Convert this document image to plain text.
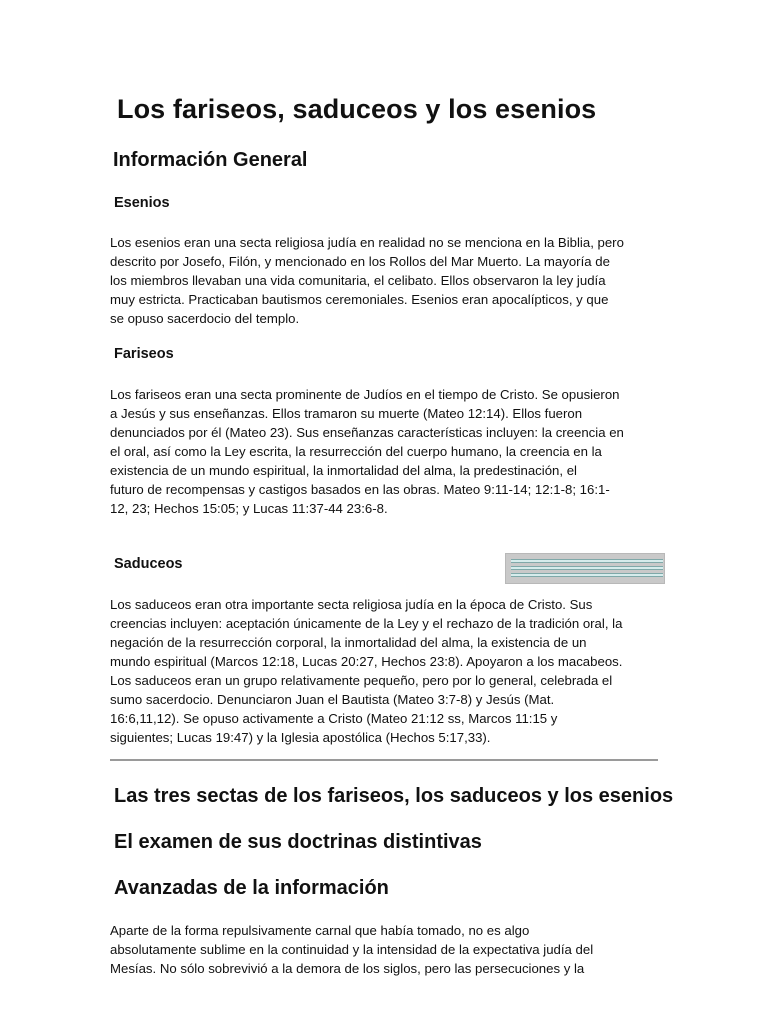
Los fariseos, saduceos y los esenios
Información General
Esenios
Los esenios eran una secta religiosa judía en realidad no se menciona en la Biblia, pero
descrito por Josefo, Filón, y mencionado en los Rollos del Mar Muerto. La mayoría de
los miembros llevaban una vida comunitaria, el celibato. Ellos observaron la ley judía
muy estricta. Practicaban bautismos ceremoniales. Esenios eran apocalípticos, y que
se opuso sacerdocio del templo.
Fariseos
Los fariseos eran una secta prominente de Judíos en el tiempo de Cristo. Se opusieron
a Jesús y sus enseñanzas. Ellos tramaron su muerte (Mateo 12:14). Ellos fueron
denunciados por él (Mateo 23). Sus enseñanzas características incluyen: la creencia en
el oral, así como la Ley escrita, la resurrección del cuerpo humano, la creencia en la
existencia de un mundo espiritual, la inmortalidad del alma, la predestinación, el
futuro de recompensas y castigos basados en las obras. Mateo 9:11-14; 12:1-8; 16:1-
12, 23; Hechos 15:05; y Lucas 11:37-44 23:6-8.
Saduceos
Los saduceos eran otra importante secta religiosa judía en la época de Cristo. Sus
creencias incluyen: aceptación únicamente de la Ley y el rechazo de la tradición oral, la
negación de la resurrección corporal, la inmortalidad del alma, la existencia de un
mundo espiritual (Marcos 12:18, Lucas 20:27, Hechos 23:8). Apoyaron a los macabeos.
Los saduceos eran un grupo relativamente pequeño, pero por lo general, celebrada el
sumo sacerdocio. Denunciaron Juan el Bautista (Mateo 3:7-8) y Jesús (Mat.
16:6,11,12). Se opuso activamente a Cristo (Mateo 21:12 ss, Marcos 11:15 y
siguientes; Lucas 19:47) y la Iglesia apostólica (Hechos 5:17,33).
Las tres sectas de los fariseos, los saduceos y los esenios
El examen de sus doctrinas distintivas
Avanzadas de la información
Aparte de la forma repulsivamente carnal que había tomado, no es algo
absolutamente sublime en la continuidad y la intensidad de la expectativa judía del
Mesías. No sólo sobrevivió a la demora de los siglos, pero las persecuciones y la
